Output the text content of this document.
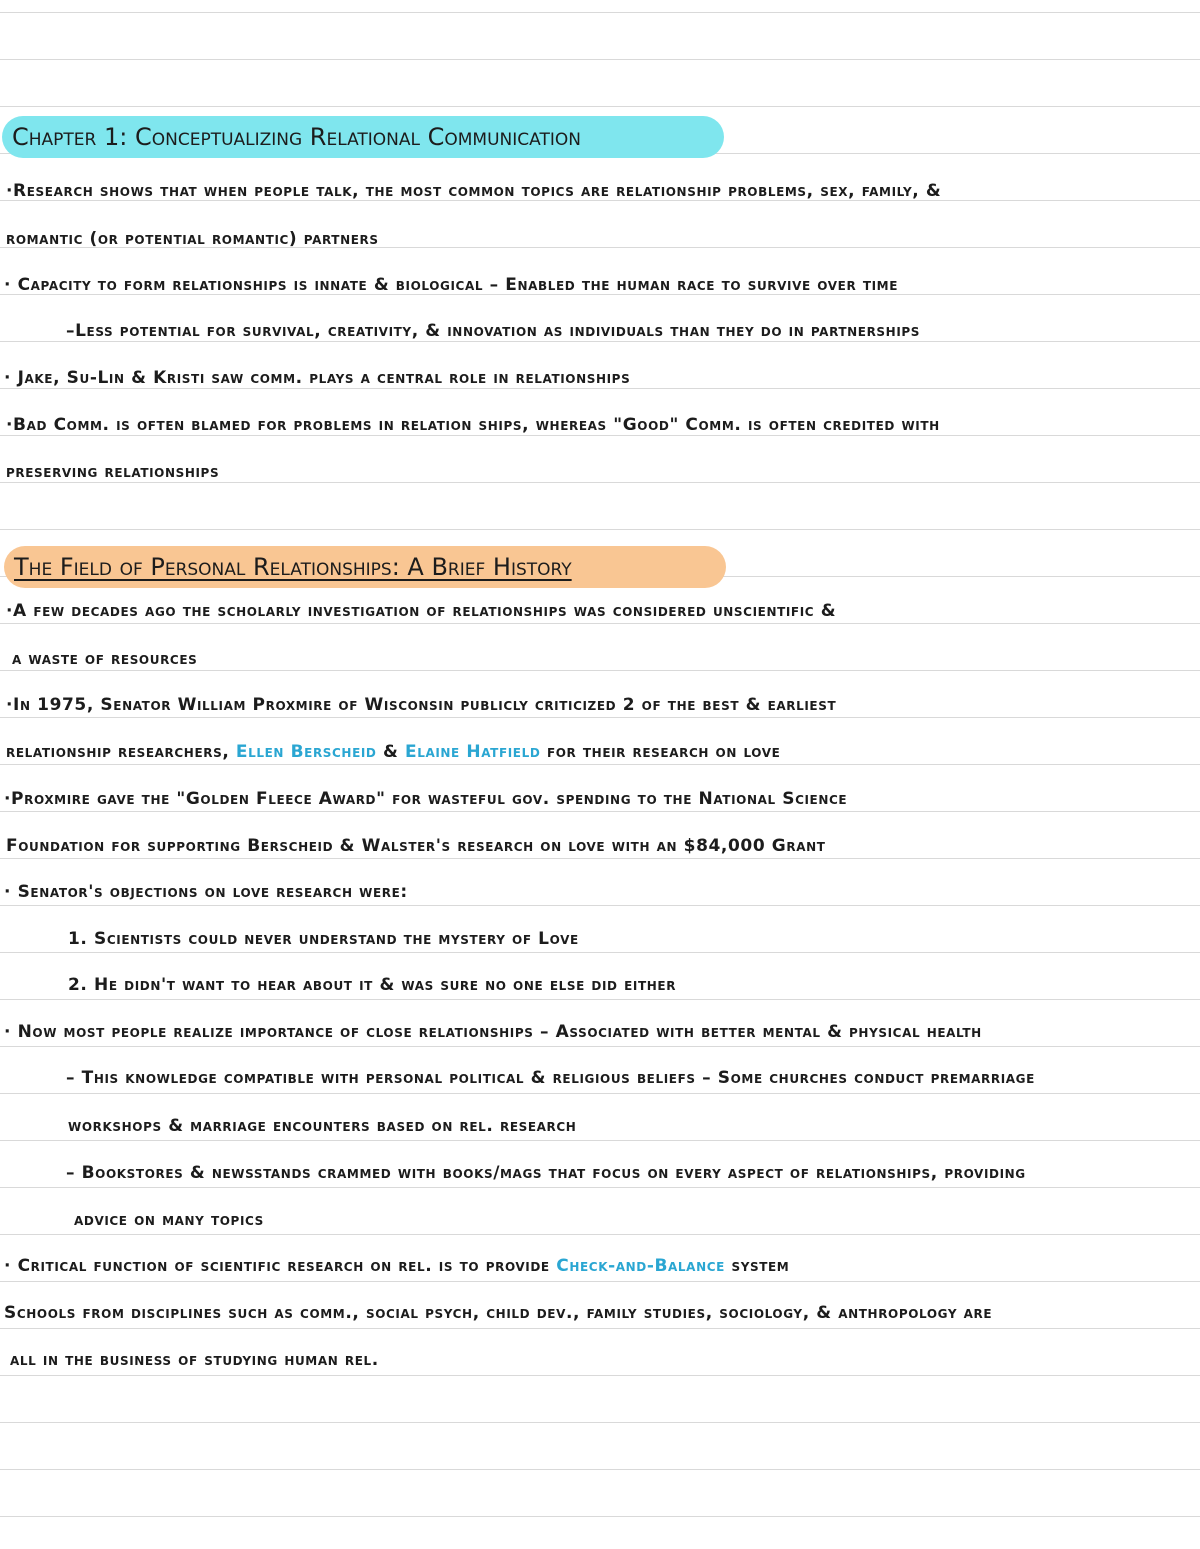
Chapter 1: Conceptualizing Relational Communication
·Research shows that when people talk, the most common topics are relationship problems, sex, family, &
romantic (or potential romantic) partners
· Capacity to form relationships is innate & biological – Enabled the human race to survive over time
–Less potential for survival, creativity, & innovation as individuals than they do in partnerships
· Jake, Su-Lin & Kristi saw comm. plays a central role in relationships
·Bad Comm. is often blamed for problems in relation ships, whereas "Good" Comm. is often credited with
preserving relationships
The Field of Personal Relationships: A Brief History
·A few decades ago the scholarly investigation of relationships was considered unscientific &
a waste of resources
·In 1975, Senator William Proxmire of Wisconsin publicly criticized 2 of the best & earliest
relationship researchers, Ellen Berscheid & Elaine Hatfield for their research on love
·Proxmire gave the "Golden Fleece Award" for wasteful gov. spending to the National Science
Foundation for supporting Berscheid & Walster's research on love with an $84,000 Grant
· Senator's objections on love research were:
1. Scientists could never understand the mystery of Love
2. He didn't want to hear about it & was sure no one else did either
· Now most people realize importance of close relationships – Associated with better mental & physical health
– This knowledge compatible with personal political & religious beliefs – Some churches conduct premarriage
workshops & marriage encounters based on rel. research
– Bookstores & newsstands crammed with books/mags that focus on every aspect of relationships, providing
advice on many topics
· Critical function of scientific research on rel. is to provide Check-and-Balance system
Schools from disciplines such as comm., social psych, child dev., family studies, sociology, & anthropology are
all in the business of studying human rel.
